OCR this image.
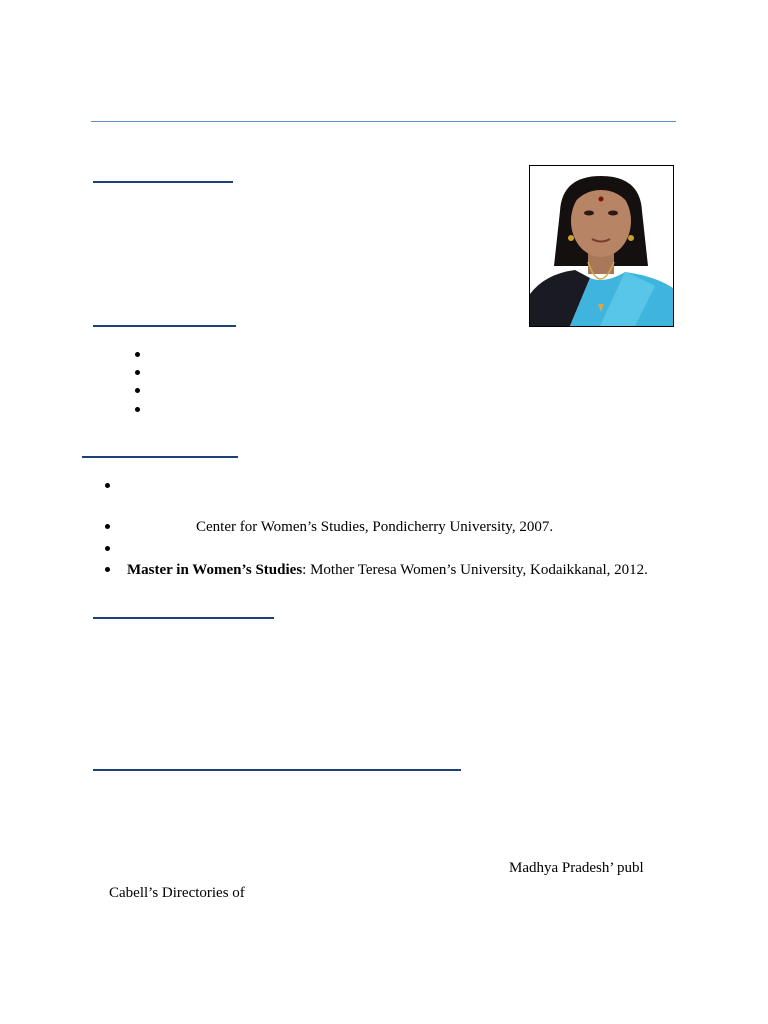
Center for Women’s Studies, Pondicherry University, 2007.
Master in Women’s Studies: Mother Teresa Women’s University, Kodaikkanal, 2012.
Madhya Pradesh’ publ
Cabell’s Directories of
